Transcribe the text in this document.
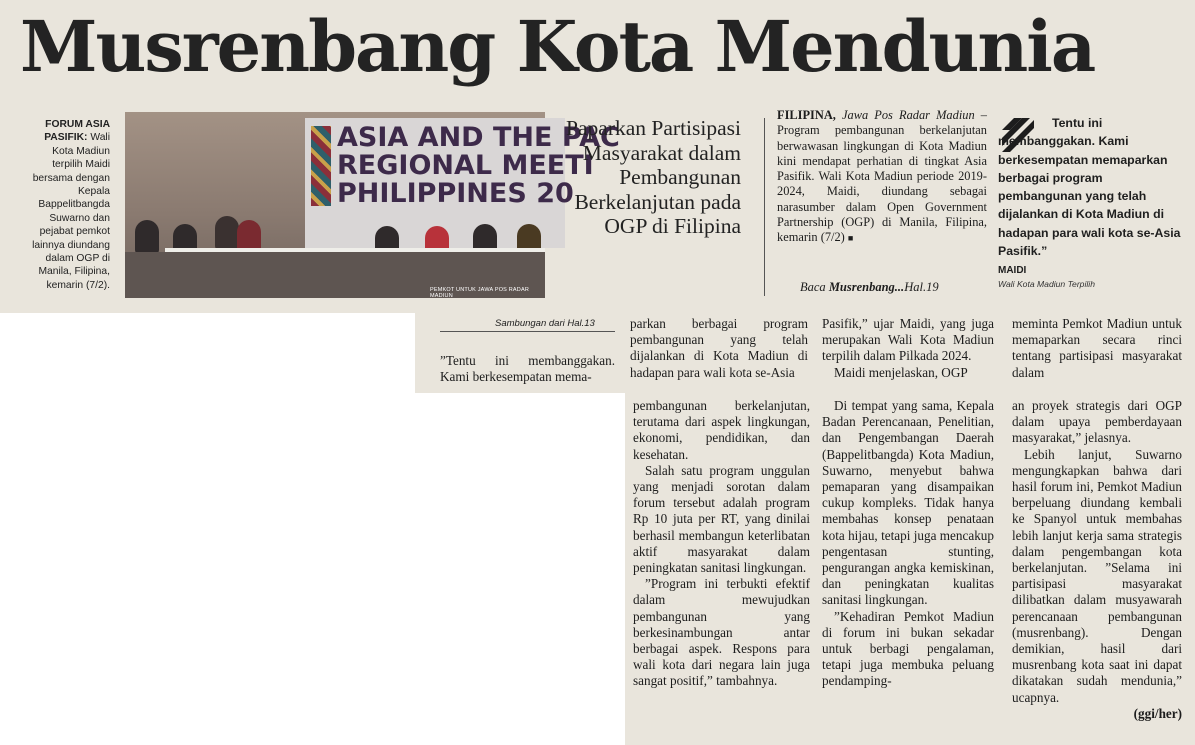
Musrenbang Kota Mendunia
FORUM ASIA PASIFIK: Wali Kota Madiun terpilih Maidi bersama dengan Kepala Bappelitbangda Suwarno dan pejabat pemkot lainnya diundang dalam OGP di Manila, Filipina, kemarin (7/2).
ASIA AND THE PAC
REGIONAL MEETI
PHILIPPINES 20
PEMKOT UNTUK JAWA POS RADAR MADIUN
Paparkan Partisipasi Masyarakat dalam Pembangunan Berkelanjutan pada OGP di Filipina
FILIPINA, Jawa Pos Radar Madiun – Program pembangunan berkelanjutan berwawasan lingkungan di Kota Madiun kini mendapat perhatian di tingkat Asia Pasifik. Wali Kota Madiun periode 2019-2024, Maidi, diundang sebagai narasumber dalam Open Government Partnership (OGP) di Manila, Filipina, kemarin (7/2) ■
Baca Musrenbang...Hal.19
Tentu ini membanggakan. Kami berkesempatan memaparkan berbagai program pembangunan yang telah dijalankan di Kota Madiun di hadapan para wali kota se-Asia Pasifik.”
MAIDI
Wali Kota Madiun Terpilih
Sambungan dari Hal.13
”Tentu ini membanggakan. Kami berkesempatan mema-
parkan berbagai program pembangunan yang telah dijalankan di Kota Madiun di hadapan para wali kota se-Asia

Pasifik,” ujar Maidi, yang juga merupakan Wali Kota Madiun terpilih dalam Pilkada 2024.

Maidi menjelaskan, OGP

meminta Pemkot Madiun untuk memaparkan secara rinci tentang partisipasi masyarakat dalam

pembangunan berkelanjutan, terutama dari aspek lingkungan, ekonomi, pendidikan, dan kesehatan.

Salah satu program unggulan yang menjadi sorotan dalam forum tersebut adalah program Rp 10 juta per RT, yang dinilai berhasil membangun keterlibatan aktif masyarakat dalam peningkatan sanitasi lingkungan.

”Program ini terbukti efektif dalam mewujudkan pembangunan yang berkesinambungan antar berbagai aspek. Respons para wali kota dari negara lain juga sangat positif,” tambahnya.

Di tempat yang sama, Kepala Badan Perencanaan, Penelitian, dan Pengembangan Daerah (Bappelitbangda) Kota Madiun, Suwarno, menyebut bahwa pemaparan yang disampaikan cukup kompleks. Tidak hanya membahas konsep penataan kota hijau, tetapi juga mencakup pengentasan stunting, pengurangan angka kemiskinan, dan peningkatan kualitas sanitasi lingkungan.

”Kehadiran Pemkot Madiun di forum ini bukan sekadar untuk berbagi pengalaman, tetapi juga membuka peluang pendamping-

an proyek strategis dari OGP dalam upaya pemberdayaan masyarakat,” jelasnya.

Lebih lanjut, Suwarno mengungkapkan bahwa dari hasil forum ini, Pemkot Madiun berpeluang diundang kembali ke Spanyol untuk membahas lebih lanjut kerja sama strategis dalam pengembangan kota berkelanjutan. ”Selama ini partisipasi masyarakat dilibatkan dalam musyawarah perencanaan pembangunan (musrenbang). Dengan demikian, hasil dari musrenbang kota saat ini dapat dikatakan sudah mendunia,” ucapnya.

(ggi/her)
